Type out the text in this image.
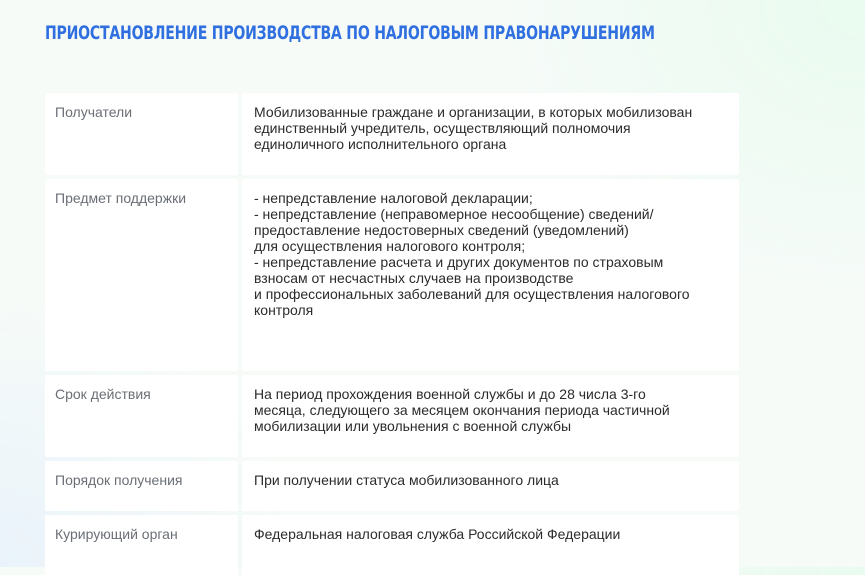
ПРИОСТАНОВЛЕНИЕ ПРОИЗВОДСТВА ПО НАЛОГОВЫМ ПРАВОНАРУШЕНИЯМ
Получатели	Мобилизованные граждане и организации, в которых мобилизован
единственный учредитель, осуществляющий полномочия
единоличного исполнительного органа
Предмет поддержки	- непредставление налоговой декларации;
- непредставление (неправомерное несообщение) сведений/
предоставление недостоверных сведений (уведомлений)
для осуществления налогового контроля;
- непредставление расчета и других документов по страховым
взносам от несчастных случаев на производстве
и профессиональных заболеваний для осуществления налогового
контроля
Срок действия	На период прохождения военной службы и до 28 числа 3-го
месяца, следующего за месяцем окончания периода частичной
мобилизации или увольнения с военной службы
Порядок получения	При получении статуса мобилизованного лица
Курирующий орган	Федеральная налоговая служба Российской Федерации
